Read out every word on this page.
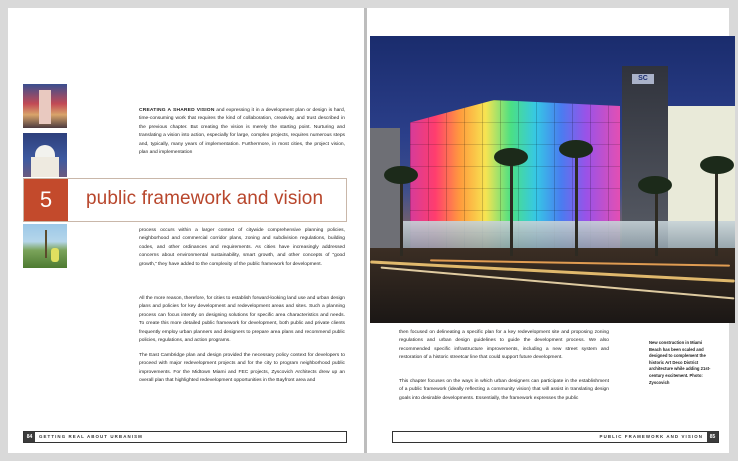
CREATING A SHARED VISION and expressing it in a development plan or design is hard, time-consuming work that requires the kind of collaboration, creativity, and trust described in the previous chapter. But creating the vision is merely the starting point. Nurturing and translating a vision into action, especially for large, complex projects, requires numerous steps and, typically, many years of implementation. Furthermore, in most cities, the project vision, plan and implementation

5	public framework and vision

process occurs within a larger context of citywide comprehensive planning policies, neighborhood and commercial corridor plans, zoning and subdivision regulations, building codes, and other ordinances and requirements. As cities have increasingly addressed concerns about environmental sustainability, smart growth, and other concepts of “good growth,” they have added to the complexity of the public framework for development.

All the more reason, therefore, for cities to establish forward-looking land use and urban design plans and policies for key development and redevelopment areas and sites. Such a planning process can focus intently on designing solutions for specific area characteristics and needs. To create this more detailed public framework for development, both public and private clients frequently employ urban planners and designers to prepare area plans and recommend public policies, regulations, and action programs.

The East Cambridge plan and design provided the necessary policy context for developers to proceed with major redevelopment projects and for the city to program neighborhood public improvements. For the Midtown Miami and FEC projects, Zyscovich Architects drew up an overall plan that highlighted redevelopment opportunities in the Bayfront area and

SC

then focused on delineating a specific plan for a key redevelopment site and proposing zoning regulations and urban design guidelines to guide the development process. We also recommended specific infrastructure improvements, including a new street system and restoration of a historic streetcar line that could support future development.

This chapter focuses on the ways in which urban designers can participate in the establishment of a public framework (ideally reflecting a community vision) that will assist in translating design goals into desirable developments. Essentially, the framework expresses the public

New construction in Miami Beach has been scaled and designed to complement the historic Art Deco District architecture while adding 21st-century excitement. Photo: Zyscovich

84	GETTING REAL ABOUT URBANISM	PUBLIC FRAMEWORK AND VISION	85
